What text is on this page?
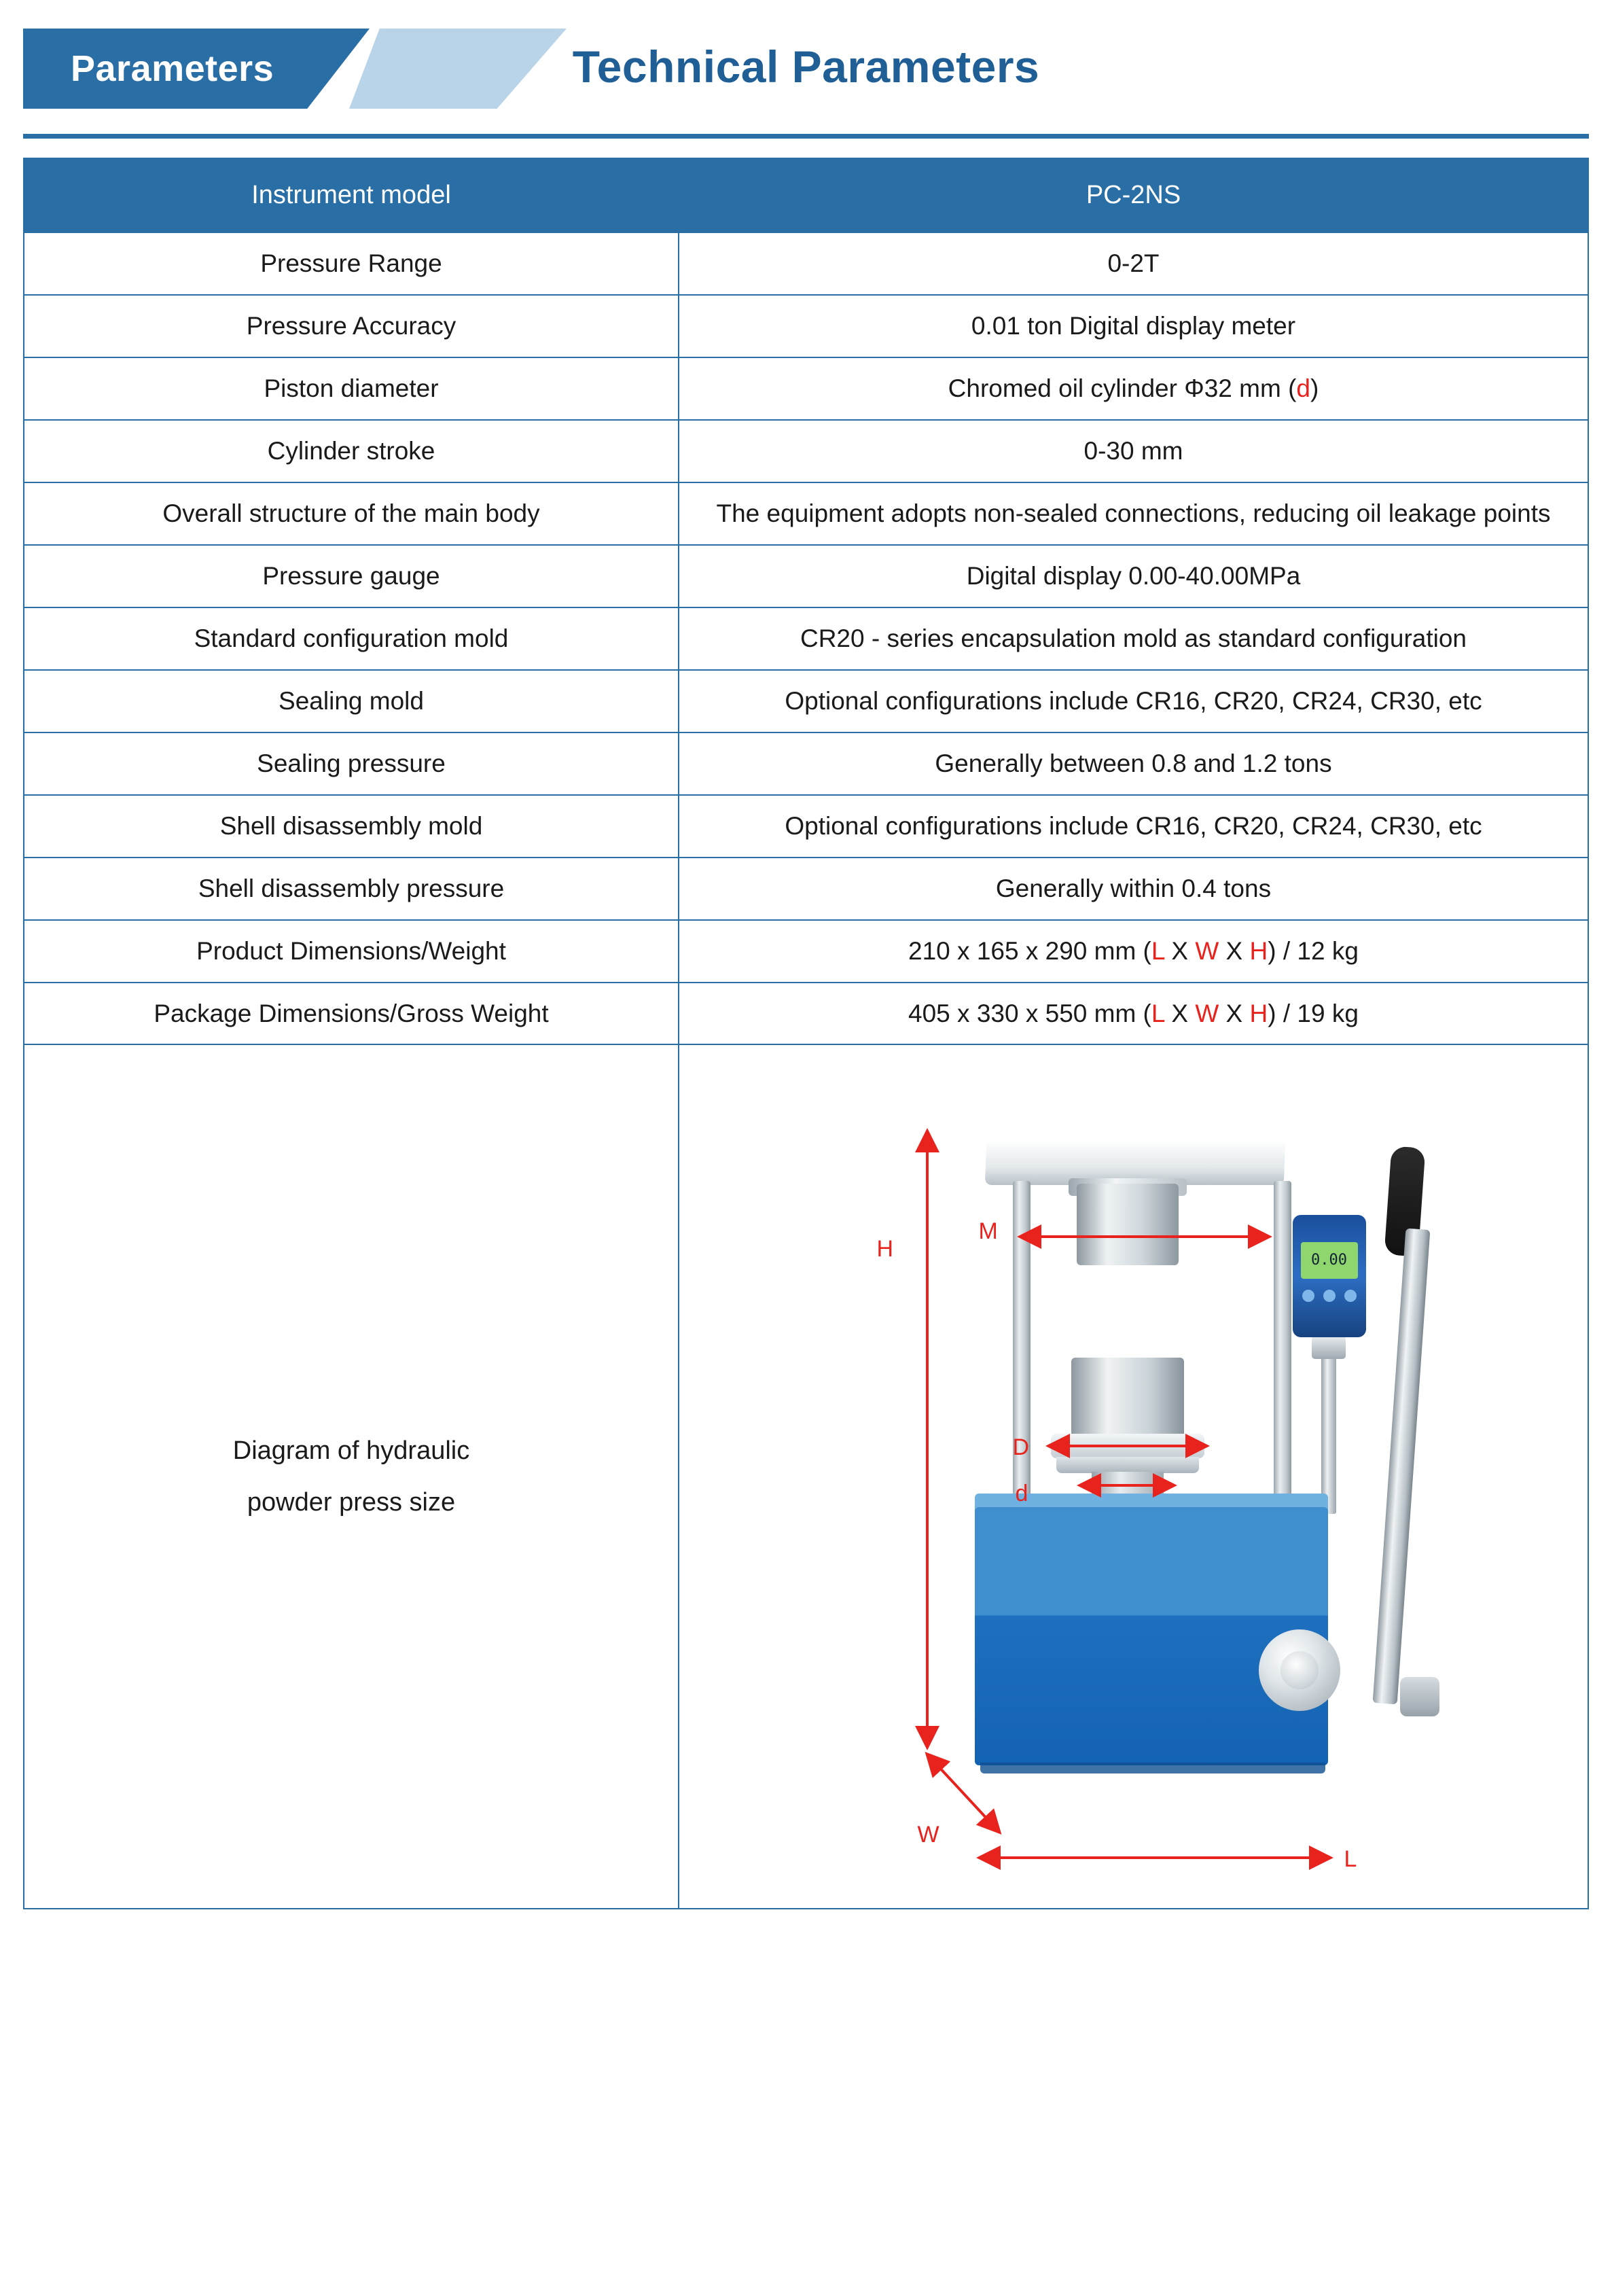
Parameters	Technical Parameters
Instrument model	PC-2NS
Pressure Range	0-2T
Pressure Accuracy	0.01 ton Digital display meter
Piston diameter	Chromed oil cylinder Φ32 mm (d)
Cylinder stroke	0-30 mm
Overall structure of the main body	The equipment adopts non-sealed connections, reducing oil leakage points
Pressure gauge	Digital display 0.00-40.00MPa
Standard configuration mold	CR20 - series encapsulation mold as standard configuration
Sealing mold	Optional configurations include CR16, CR20, CR24, CR30, etc
Sealing pressure	Generally between 0.8 and 1.2 tons
Shell disassembly mold	Optional configurations include CR16, CR20, CR24, CR30, etc
Shell disassembly pressure	Generally within 0.4 tons
Product Dimensions/Weight	210 x 165 x 290 mm (L X W X H) / 12 kg
Package Dimensions/Gross Weight	405 x 330 x 550 mm (L X W X H) / 19 kg

Diagram of hydraulic
powder press size

0.00
H
M
D
d
W
L
